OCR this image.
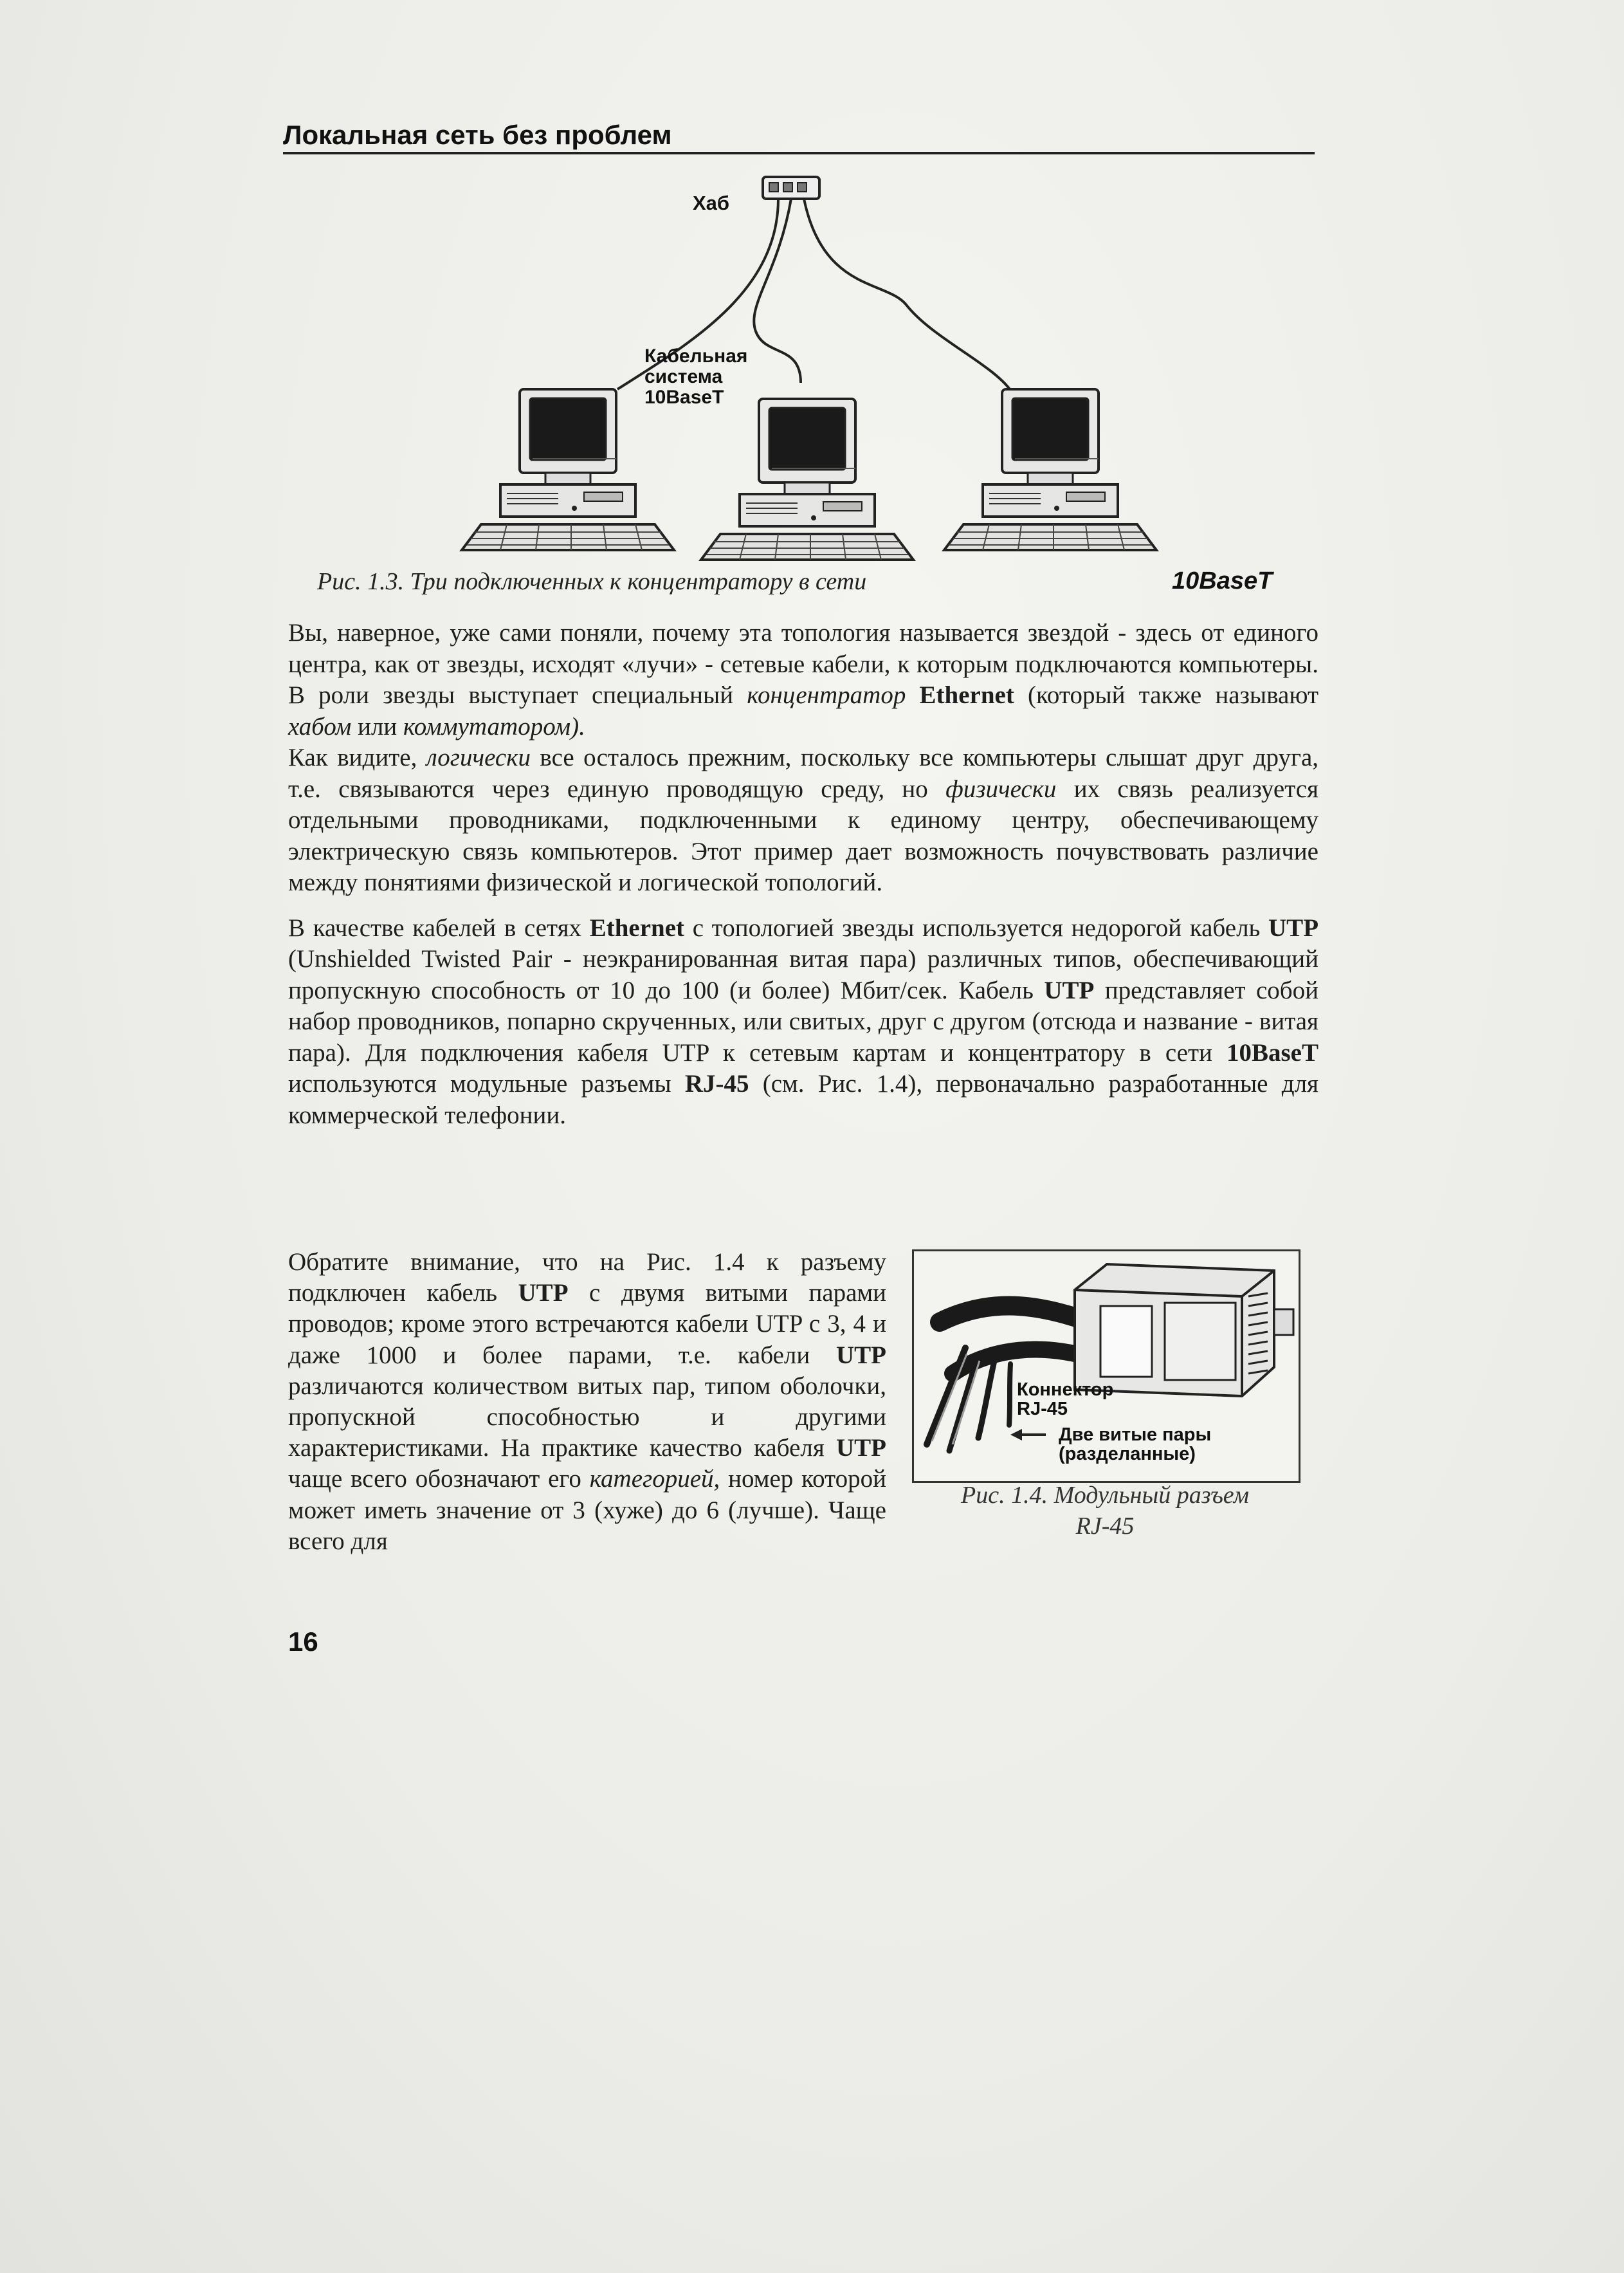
Локальная сеть без проблем
Хаб
Кабельная
система
10BaseT
Рис. 1.3. Три подключенных к концентратору в сети	10BaseT

Вы, наверное, уже сами поняли, почему эта топология называется звездой - здесь от единого центра, как от звезды, исходят «лучи» - сетевые кабели, к которым подключаются компьютеры. В роли звезды выступает специальный концентратор Ethernet (который также называют хабом или коммутатором).

Как видите, логически все осталось прежним, поскольку все компьютеры слышат друг друга, т.е. связываются через единую проводящую среду, но физически их связь реализуется отдельными проводниками, подключенными к единому центру, обеспечивающему электрическую связь компьютеров. Этот пример дает возможность почувствовать различие между понятиями физической и логической топологий.

В качестве кабелей в сетях Ethernet с топологией звезды используется недорогой кабель UTP (Unshielded Twisted Pair - неэкранированная витая пара) различных типов, обеспечивающий пропускную способность от 10 до 100 (и более) Мбит/сек. Кабель UTP представляет собой набор проводников, попарно скрученных, или свитых, друг с другом (отсюда и название - витая пара). Для подключения кабеля UTP к сетевым картам и концентратору в сети 10BaseT используются модульные разъемы RJ-45 (см. Рис. 1.4), первоначально разработанные для коммерческой телефонии.

Обратите внимание, что на Рис. 1.4 к разъему подключен кабель UTP с двумя витыми парами проводов; кроме этого встречаются кабели UTP с 3, 4 и даже 1000 и более парами, т.е. кабели UTP различаются количеством витых пар, типом оболочки, пропускной способностью и другими характеристиками. На практике качество кабеля UTP чаще всего обозначают его категорией, номер которой может иметь значение от 3 (хуже) до 6 (лучше). Чаще всего для
Коннектор
RJ-45
Две витые пары
(разделанные)
Рис. 1.4. Модульный разъем
RJ-45
16
